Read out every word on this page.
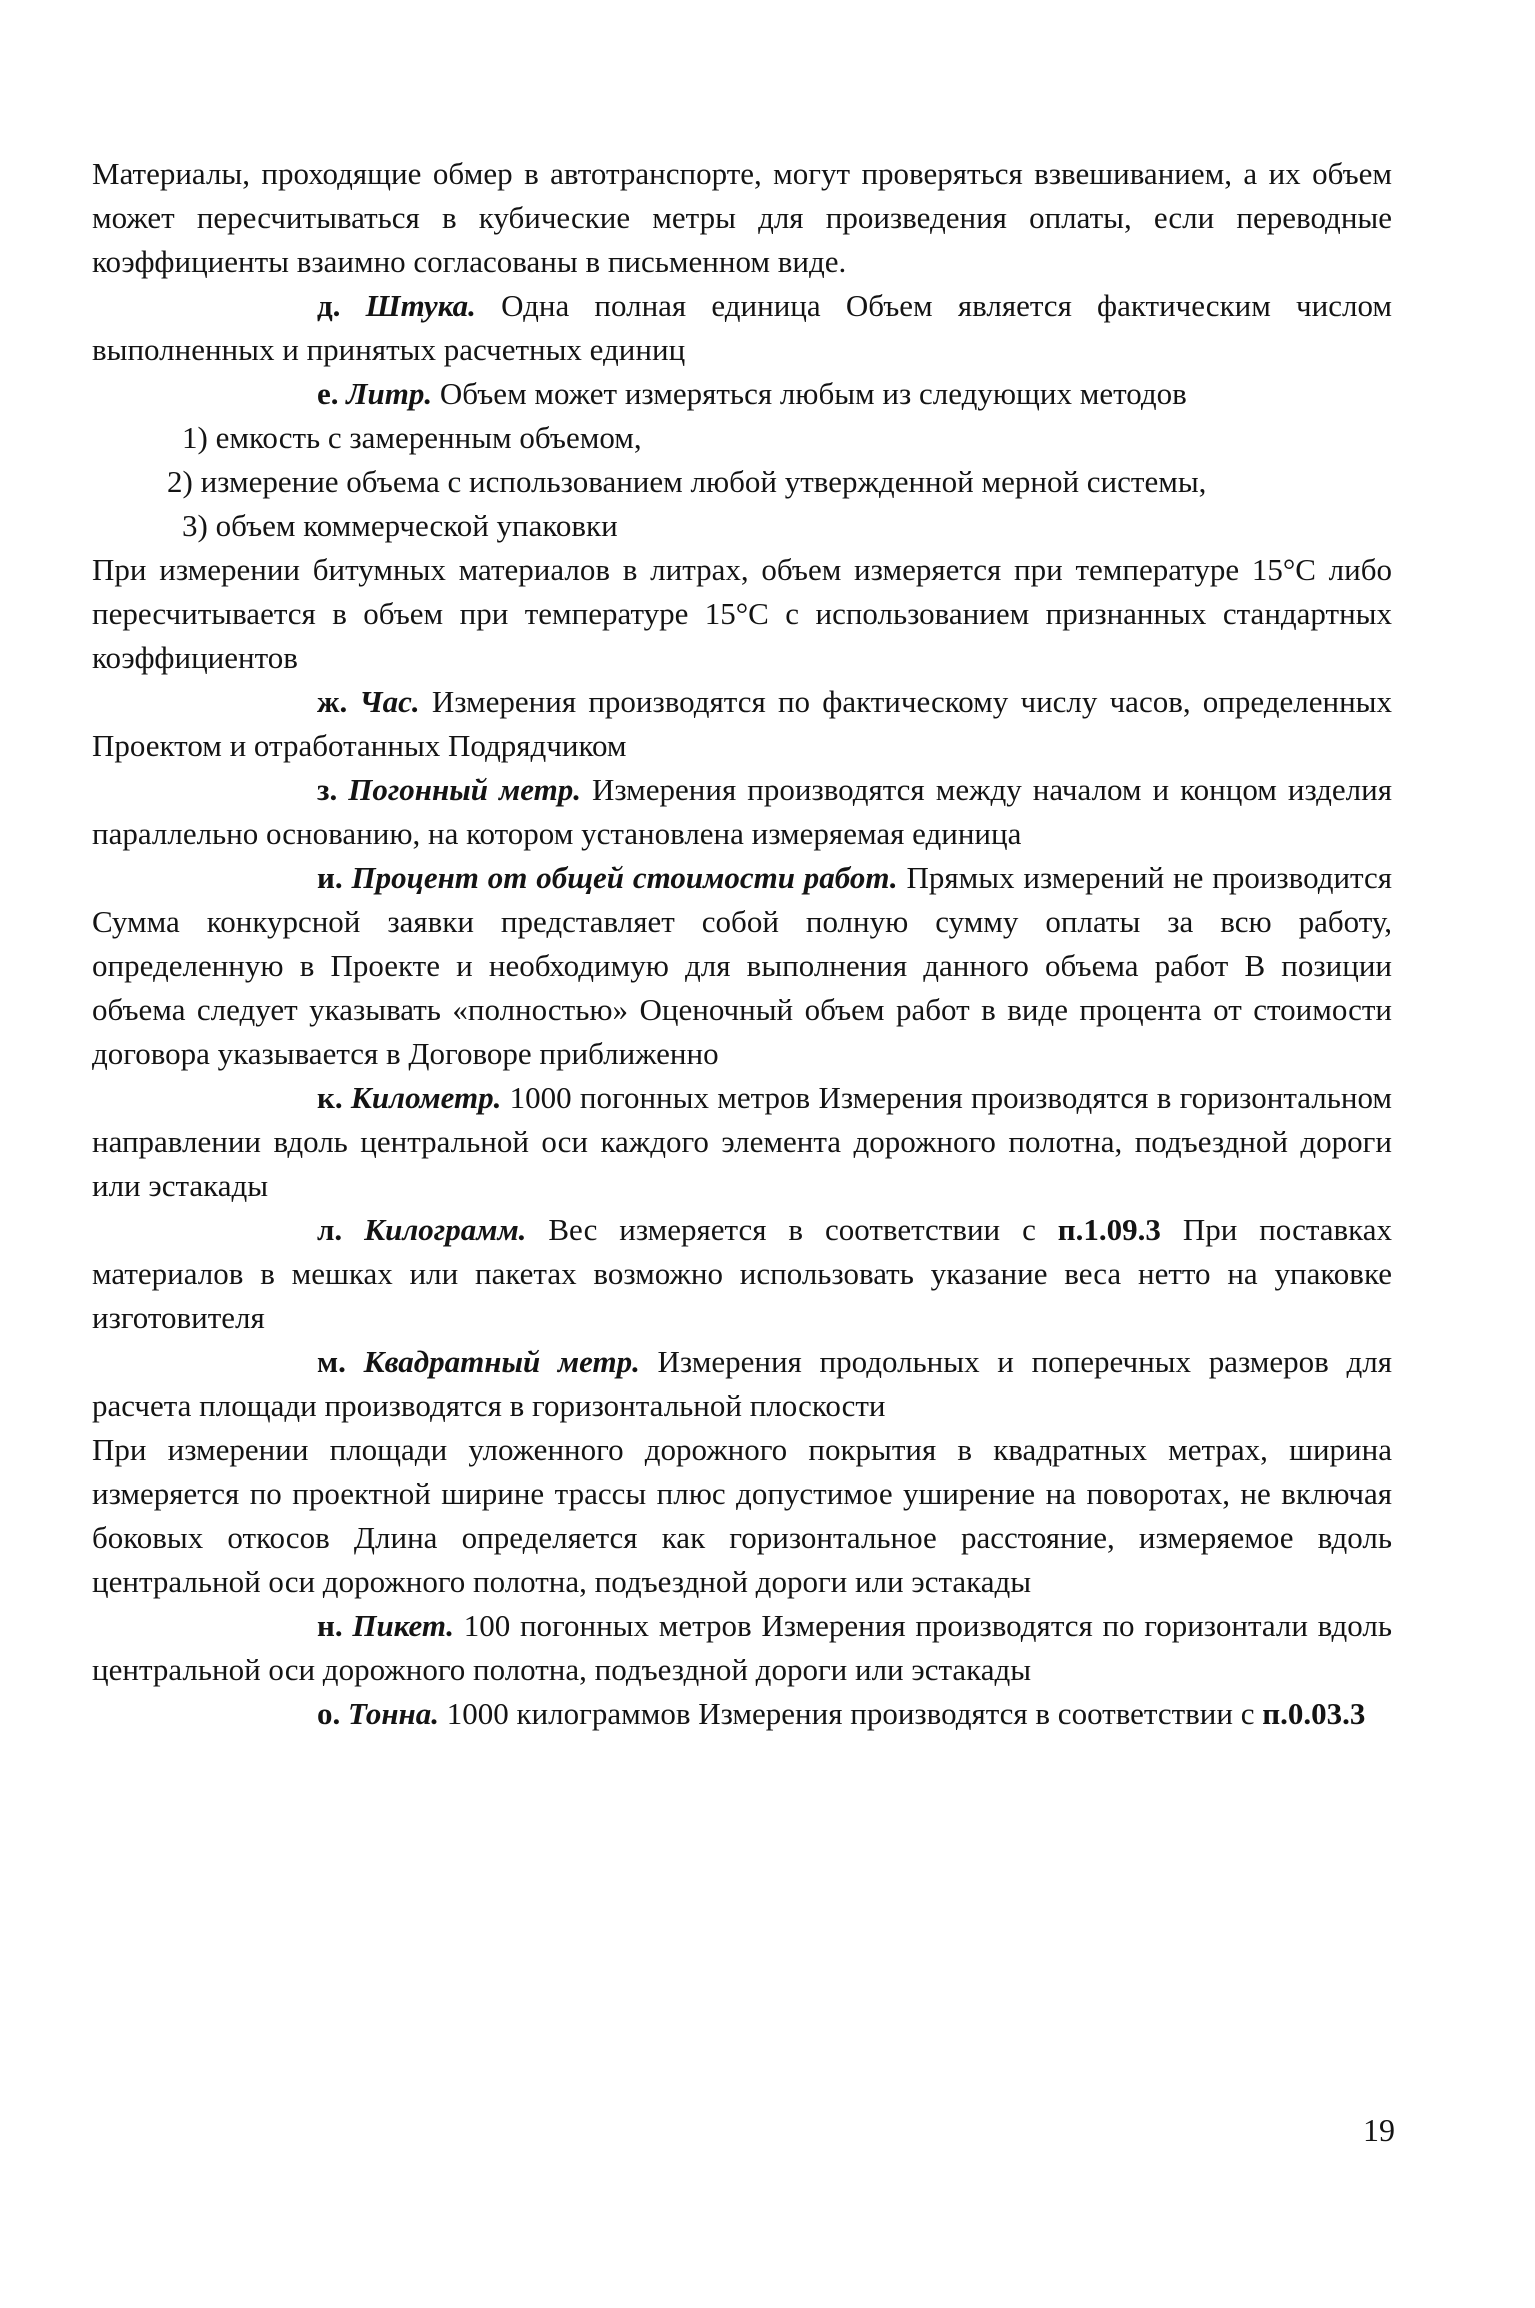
Материалы, проходящие обмер в автотранспорте, могут проверяться взвешиванием, а их объем может пересчитываться в кубические метры для произведения оплаты, если переводные коэффициенты взаимно согласованы в письменном виде.

д. Штука. Одна полная единица Объем является фактическим числом выполненных и принятых расчетных единиц

е. Литр. Объем может измеряться любым из следующих методов

1) емкость с замеренным объемом,

2) измерение объема с использованием любой утвержденной мерной системы,

3) объем коммерческой упаковки

При измерении битумных материалов в литрах, объем измеряется при температуре 15°С либо пересчитывается в объем при температуре 15°С с использованием признанных стандартных коэффициентов

ж. Час. Измерения производятся по фактическому числу часов, определенных Проектом и отработанных Подрядчиком

з. Погонный метр. Измерения производятся между началом и концом изделия параллельно основанию, на котором установлена измеряемая единица

и. Процент от общей стоимости работ. Прямых измерений не производится Сумма конкурсной заявки представляет собой полную сумму оплаты за всю работу, определенную в Проекте и необходимую для выполнения данного объема работ В позиции объема следует указывать «полностью» Оценочный объем работ в виде процента от стоимости договора указывается в Договоре приближенно

к. Километр. 1000 погонных метров Измерения производятся в горизонтальном направлении вдоль центральной оси каждого элемента дорожного полотна, подъездной дороги или эстакады

л. Килограмм. Вес измеряется в соответствии с п.1.09.3 При поставках материалов в мешках или пакетах возможно использовать указание веса нетто на упаковке изготовителя

м. Квадратный метр. Измерения продольных и поперечных размеров для расчета площади производятся в горизонтальной плоскости

При измерении площади уложенного дорожного покрытия в квадратных метрах, ширина измеряется по проектной ширине трассы плюс допустимое уширение на поворотах, не включая боковых откосов Длина определяется как горизонтальное расстояние, измеряемое вдоль центральной оси дорожного полотна, подъездной дороги или эстакады

н. Пикет. 100 погонных метров Измерения производятся по горизонтали вдоль центральной оси дорожного полотна, подъездной дороги или эстакады

о. Тонна. 1000 килограммов Измерения производятся в соответствии с п.0.03.3

19
